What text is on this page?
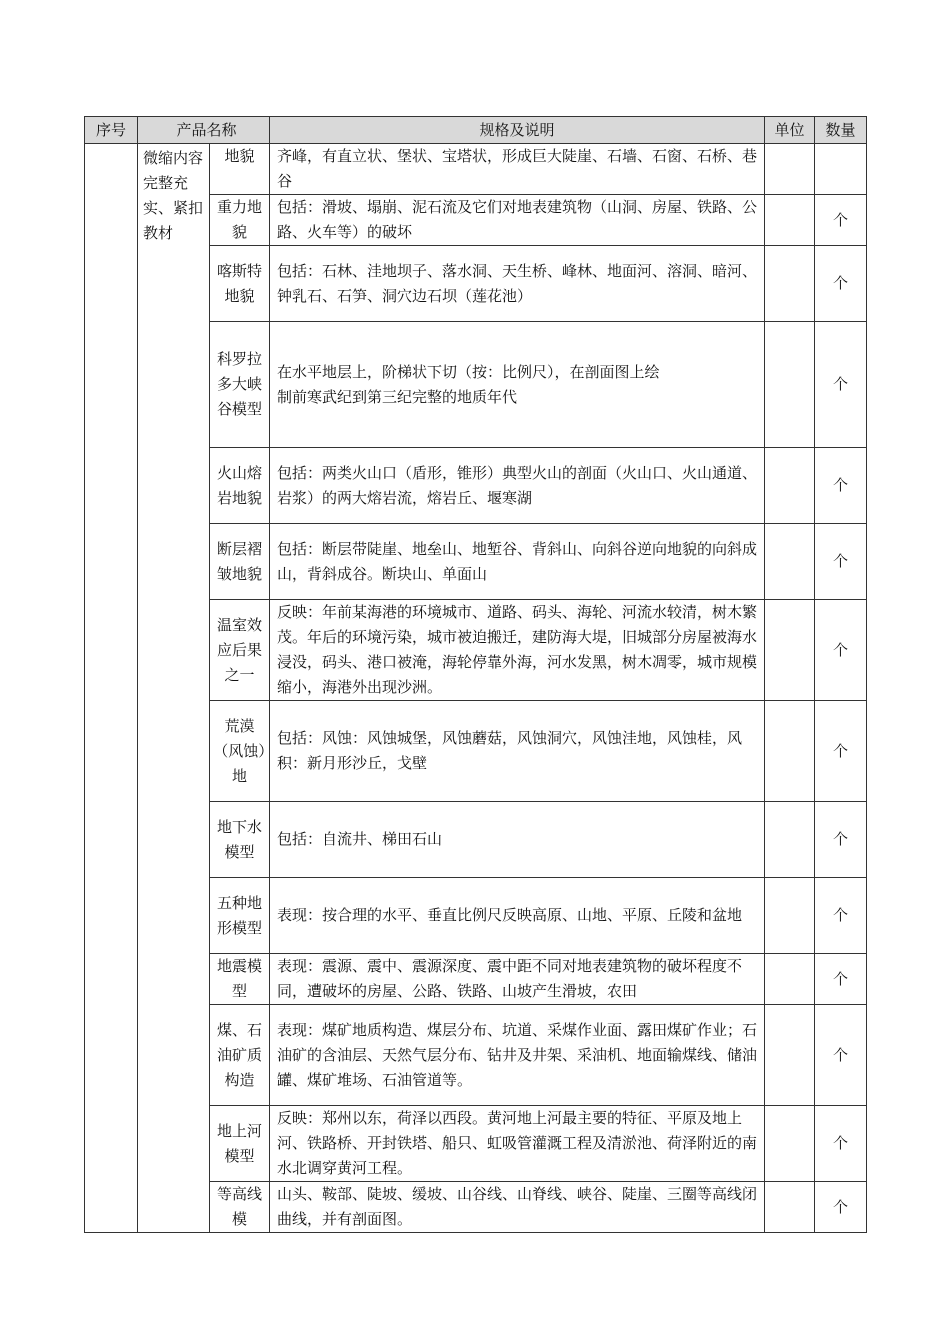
序号	产品名称		规格及说明	单位	数量
	微缩内容完整充实、紧扣教材	地貌	齐峰，有直立状、堡状、宝塔状，形成巨大陡崖、石墙、石窗、石桥、巷谷		
		重力地貌	包括：滑坡、塌崩、泥石流及它们对地表建筑物（山洞、房屋、铁路、公路、火车等）的破坏		个
		喀斯特地貌	包括：石林、洼地坝子、落水洞、天生桥、峰林、地面河、溶洞、暗河、钟乳石、石笋、洞穴边石坝（莲花池）		个
		科罗拉多大峡谷模型	在水平地层上，阶梯状下切（按：比例尺），在剖面图上绘制前寒武纪到第三纪完整的地质年代		个
		火山熔岩地貌	包括：两类火山口（盾形，锥形）典型火山的剖面（火山口、火山通道、岩浆）的两大熔岩流，熔岩丘、堰寒湖		个
		断层褶皱地貌	包括：断层带陡崖、地垒山、地堑谷、背斜山、向斜谷逆向地貌的向斜成山，背斜成谷。断块山、单面山		个
		温室效应后果之一	反映：年前某海港的环境城市、道路、码头、海轮、河流水较清，树木繁茂。年后的环境污染，城市被迫搬迁，建防海大堤，旧城部分房屋被海水浸没，码头、港口被淹，海轮停靠外海，河水发黑，树木凋零，城市规模缩小，海港外出现沙洲。		个
		荒漠（风蚀）地	包括：风蚀：风蚀城堡，风蚀蘑菇，风蚀洞穴，风蚀洼地，风蚀桂，风积：新月形沙丘，戈壁		个
		地下水模型	包括：自流井、梯田石山		个
		五种地形模型	表现：按合理的水平、垂直比例尺反映高原、山地、平原、丘陵和盆地		个
		地震模型	表现：震源、震中、震源深度、震中距不同对地表建筑物的破坏程度不同，遭破坏的房屋、公路、铁路、山坡产生滑坡，农田		个
		煤、石油矿质构造	表现：煤矿地质构造、煤层分布、坑道、采煤作业面、露田煤矿作业；石油矿的含油层、天然气层分布、钻井及井架、采油机、地面输煤线、储油罐、煤矿堆场、石油管道等。		个
		地上河模型	反映：郑州以东，荷泽以西段。黄河地上河最主要的特征、平原及地上河、铁路桥、开封铁塔、船只、虹吸管灌溉工程及清淤池、荷泽附近的南水北调穿黄河工程。		个
		等高线模	山头、鞍部、陡坡、缓坡、山谷线、山脊线、峡谷、陡崖、三圈等高线闭曲线，并有剖面图。		个
